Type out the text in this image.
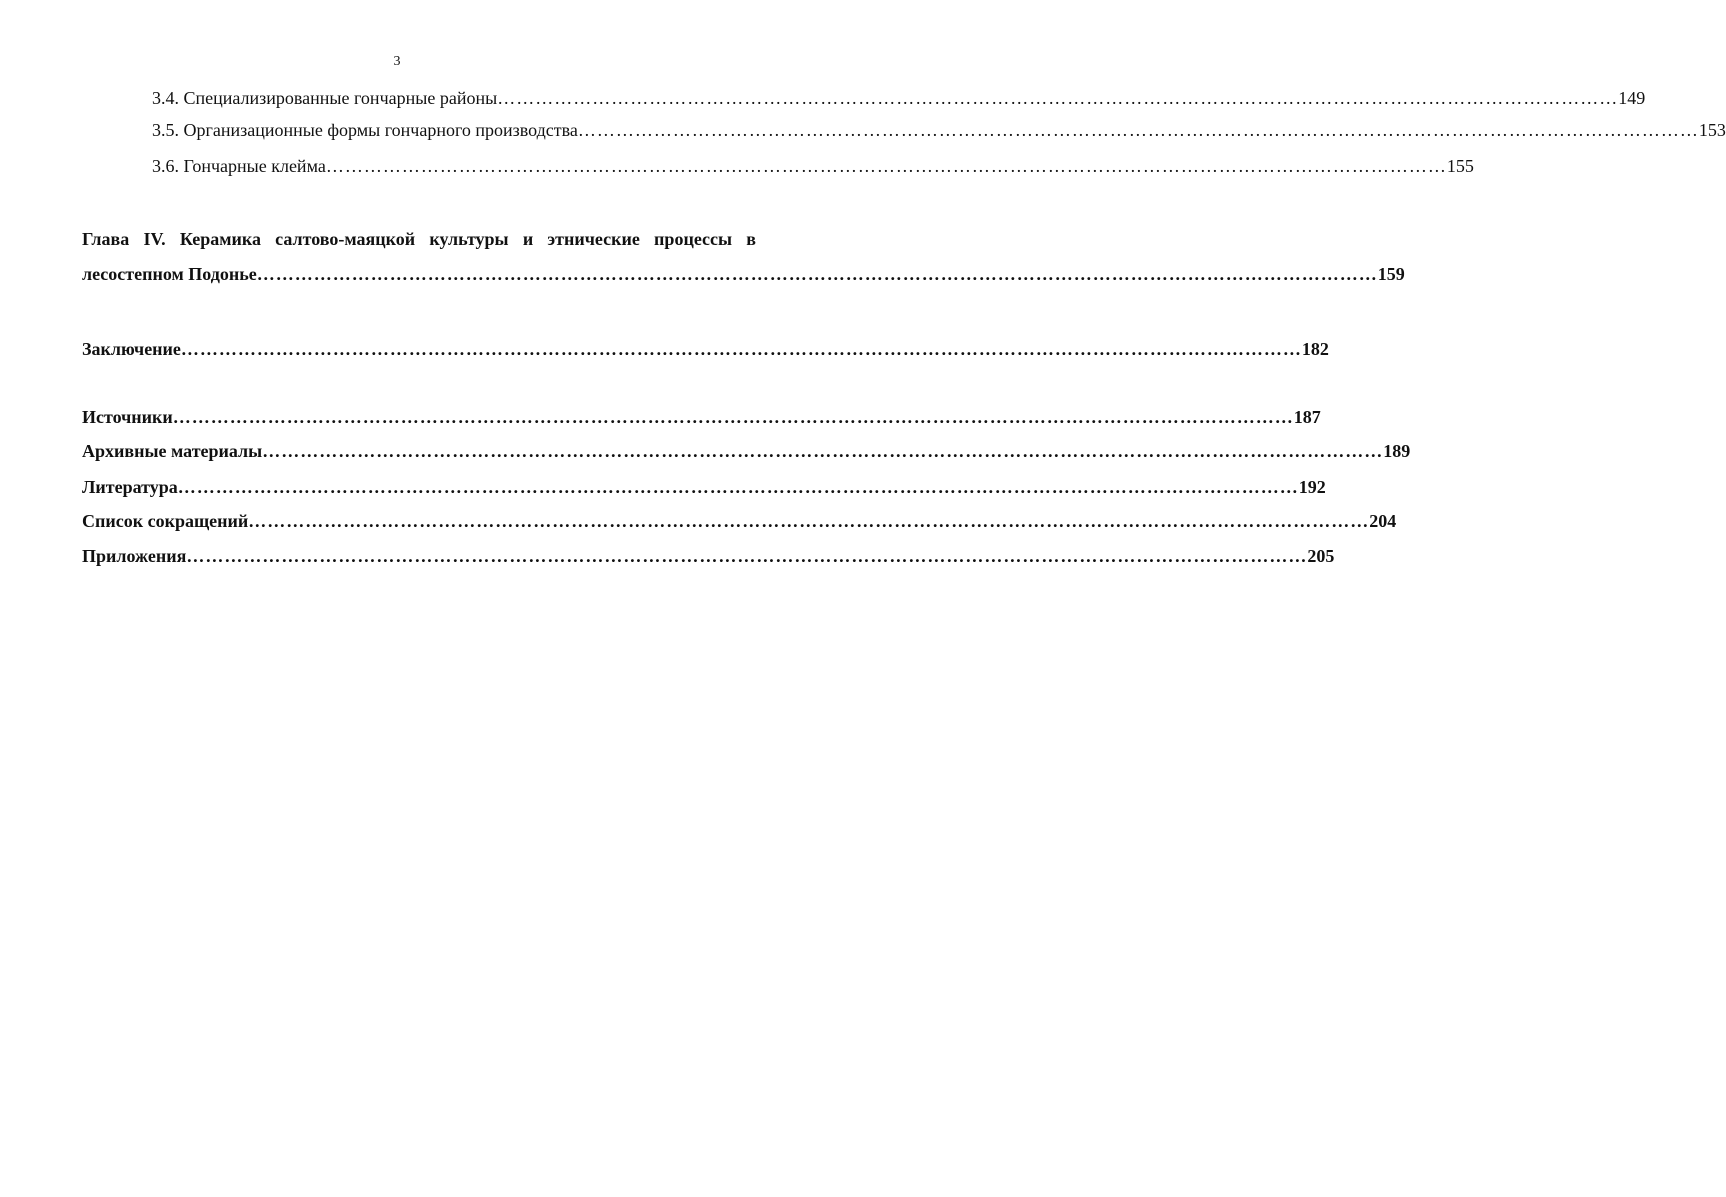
3
3.4. Специализированные гончарные районы …………………………………………………………………………………………………………………………………………………………… 149
3.5. Организационные формы гончарного производства …………………………………………………………………………………………………………………………………………………………… 153
3.6. Гончарные клейма …………………………………………………………………………………………………………………………………………………………… 155
Глава IV. Керамика салтово-маяцкой культуры и этнические процессы в
лесостепном Подонье …………………………………………………………………………………………………………………………………………………………… 159
Заключение …………………………………………………………………………………………………………………………………………………………… 182
Источники …………………………………………………………………………………………………………………………………………………………… 187
Архивные материалы …………………………………………………………………………………………………………………………………………………………… 189
Литература …………………………………………………………………………………………………………………………………………………………… 192
Список сокращений …………………………………………………………………………………………………………………………………………………………… 204
Приложения …………………………………………………………………………………………………………………………………………………………… 205
